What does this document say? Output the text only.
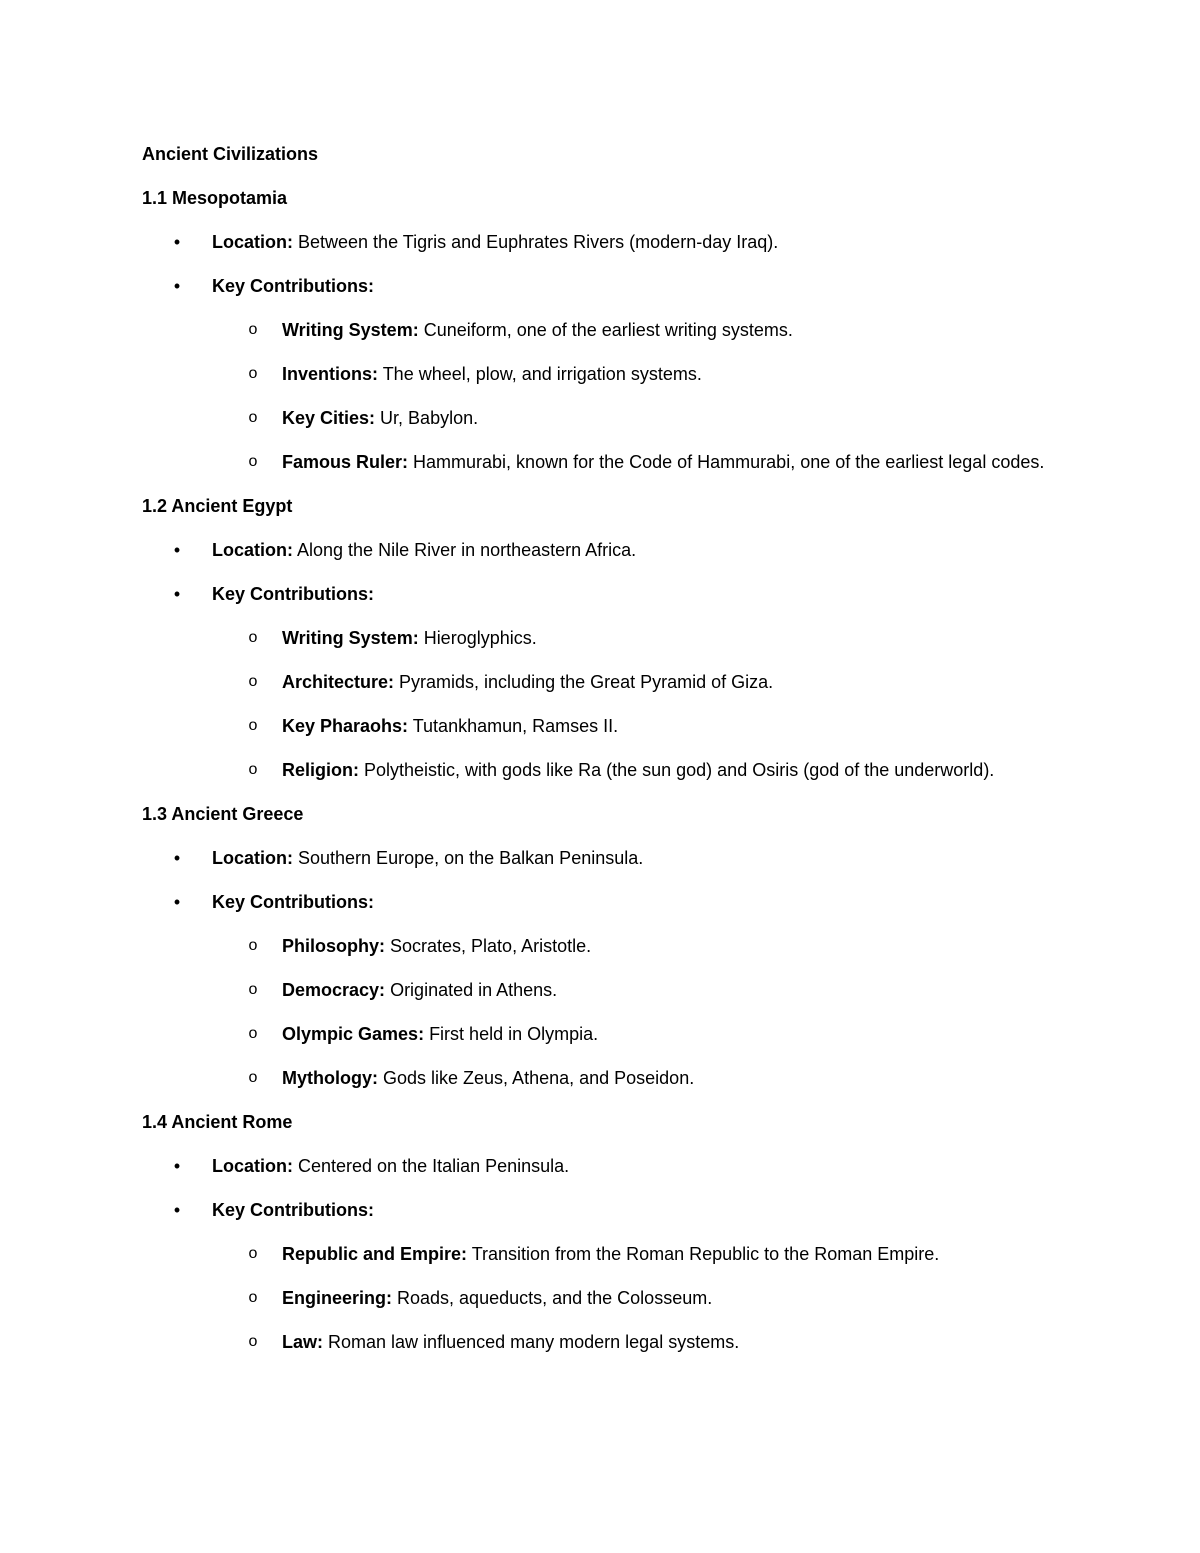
Ancient Civilizations
1.1 Mesopotamia
• Location: Between the Tigris and Euphrates Rivers (modern-day Iraq).
• Key Contributions:
o Writing System: Cuneiform, one of the earliest writing systems.
o Inventions: The wheel, plow, and irrigation systems.
o Key Cities: Ur, Babylon.
o Famous Ruler: Hammurabi, known for the Code of Hammurabi, one of the earliest legal codes.
1.2 Ancient Egypt
• Location: Along the Nile River in northeastern Africa.
• Key Contributions:
o Writing System: Hieroglyphics.
o Architecture: Pyramids, including the Great Pyramid of Giza.
o Key Pharaohs: Tutankhamun, Ramses II.
o Religion: Polytheistic, with gods like Ra (the sun god) and Osiris (god of the underworld).
1.3 Ancient Greece
• Location: Southern Europe, on the Balkan Peninsula.
• Key Contributions:
o Philosophy: Socrates, Plato, Aristotle.
o Democracy: Originated in Athens.
o Olympic Games: First held in Olympia.
o Mythology: Gods like Zeus, Athena, and Poseidon.
1.4 Ancient Rome
• Location: Centered on the Italian Peninsula.
• Key Contributions:
o Republic and Empire: Transition from the Roman Republic to the Roman Empire.
o Engineering: Roads, aqueducts, and the Colosseum.
o Law: Roman law influenced many modern legal systems.
